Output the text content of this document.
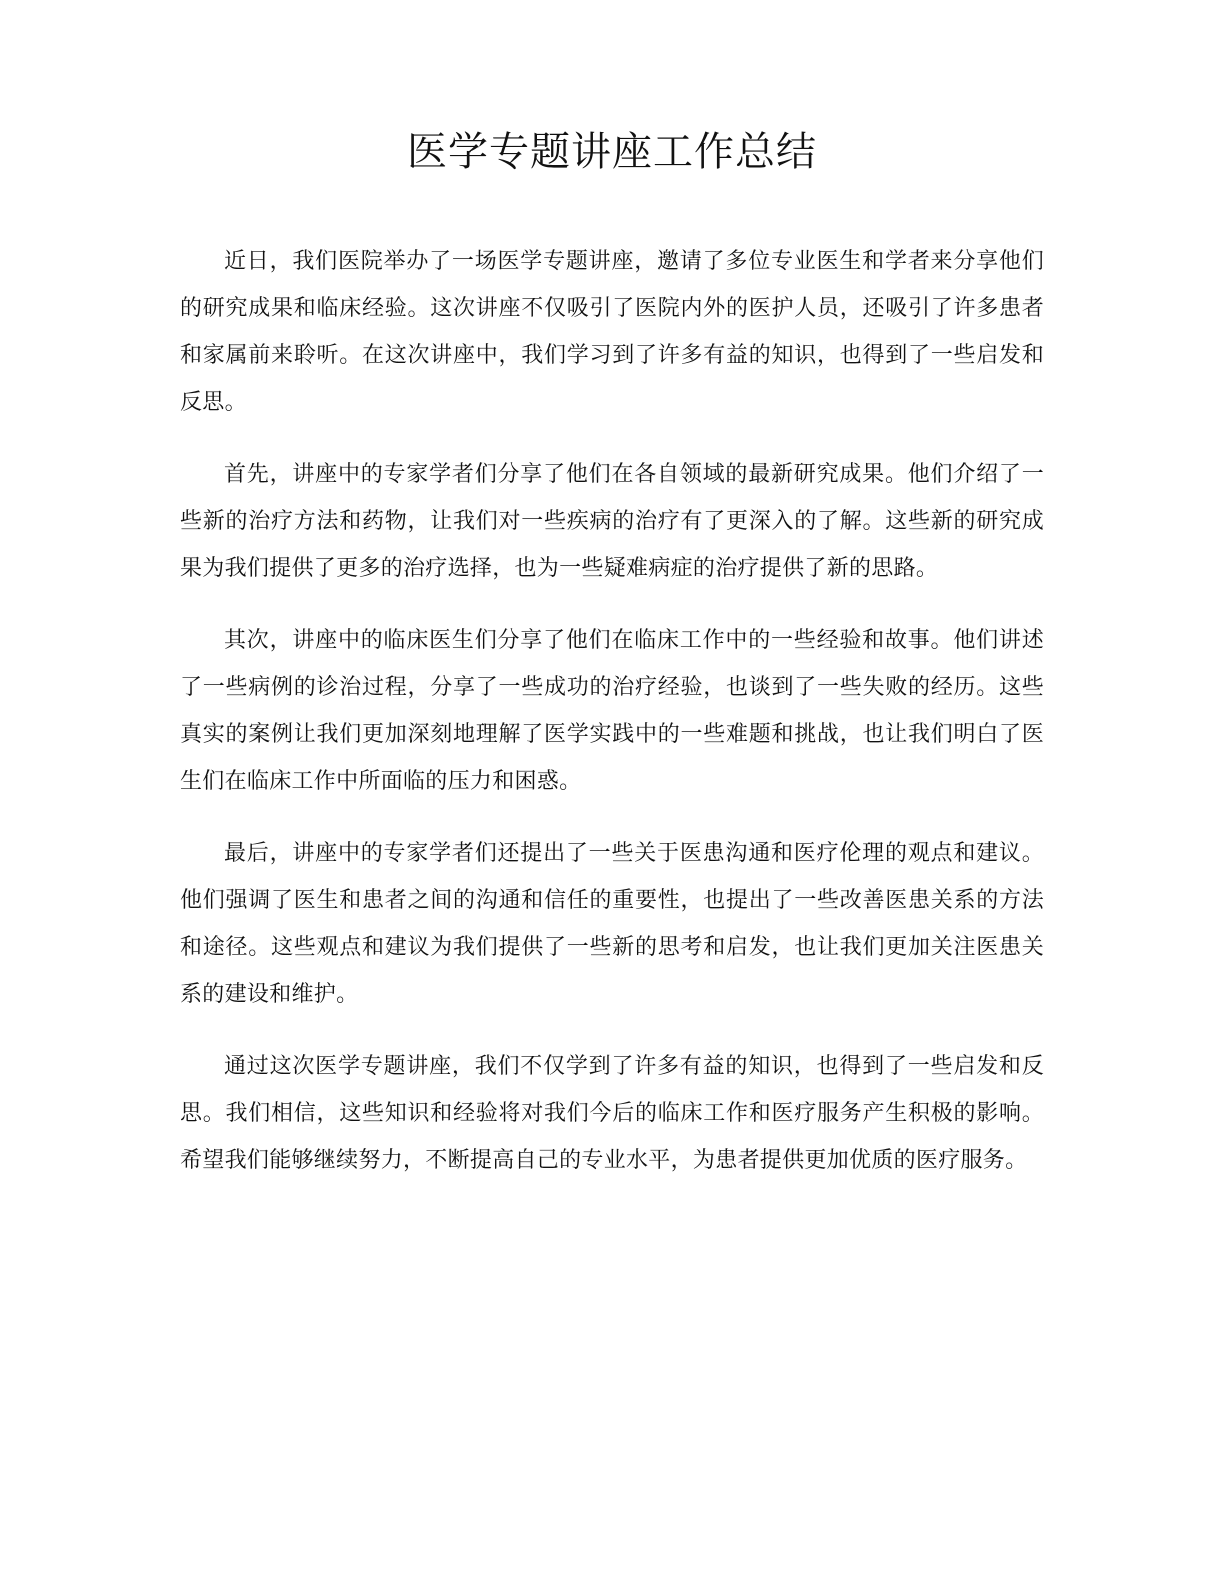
医学专题讲座工作总结

近日，我们医院举办了一场医学专题讲座，邀请了多位专业医生和学者来分享他们的研究成果和临床经验。这次讲座不仅吸引了医院内外的医护人员，还吸引了许多患者和家属前来聆听。在这次讲座中，我们学习到了许多有益的知识，也得到了一些启发和反思。

首先，讲座中的专家学者们分享了他们在各自领域的最新研究成果。他们介绍了一些新的治疗方法和药物，让我们对一些疾病的治疗有了更深入的了解。这些新的研究成果为我们提供了更多的治疗选择，也为一些疑难病症的治疗提供了新的思路。

其次，讲座中的临床医生们分享了他们在临床工作中的一些经验和故事。他们讲述了一些病例的诊治过程，分享了一些成功的治疗经验，也谈到了一些失败的经历。这些真实的案例让我们更加深刻地理解了医学实践中的一些难题和挑战，也让我们明白了医生们在临床工作中所面临的压力和困惑。

最后，讲座中的专家学者们还提出了一些关于医患沟通和医疗伦理的观点和建议。他们强调了医生和患者之间的沟通和信任的重要性，也提出了一些改善医患关系的方法和途径。这些观点和建议为我们提供了一些新的思考和启发，也让我们更加关注医患关系的建设和维护。

通过这次医学专题讲座，我们不仅学到了许多有益的知识，也得到了一些启发和反思。我们相信，这些知识和经验将对我们今后的临床工作和医疗服务产生积极的影响。希望我们能够继续努力，不断提高自己的专业水平，为患者提供更加优质的医疗服务。
